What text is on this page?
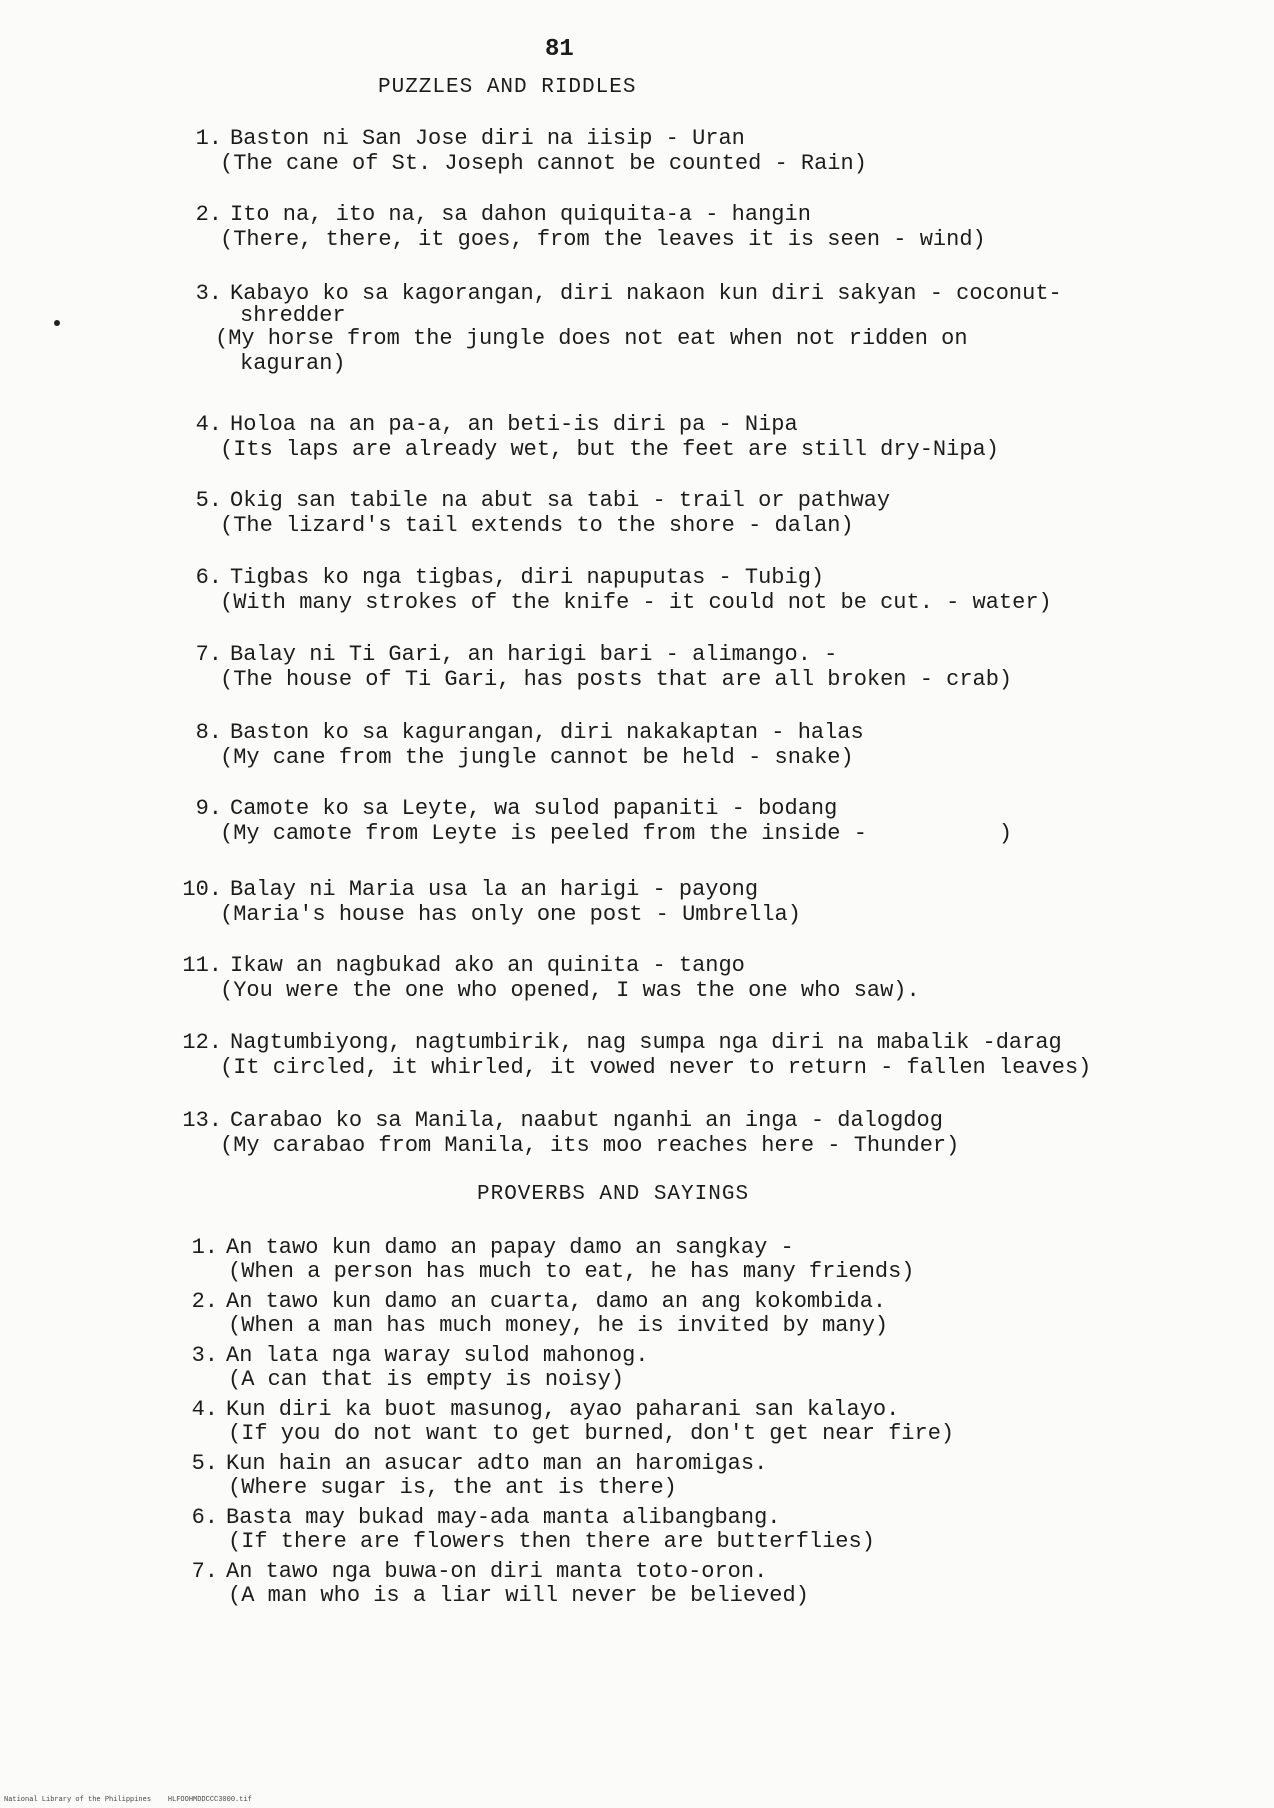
81
PUZZLES AND RIDDLES
1. Baston ni San Jose diri na iisip - Uran
(The cane of St. Joseph cannot be counted - Rain)
2. Ito na, ito na, sa dahon quiquita-a - hangin
(There, there, it goes, from the leaves it is seen - wind)
3. Kabayo ko sa kagorangan, diri nakaon kun diri sakyan - coconut-
shredder
(My horse from the jungle does not eat when not ridden on
kaguran)
4. Holoa na an pa-a, an beti-is diri pa - Nipa
(Its laps are already wet, but the feet are still dry-Nipa)
5. Okig san tabile na abut sa tabi - trail or pathway
(The lizard's tail extends to the shore - dalan)
6. Tigbas ko nga tigbas, diri napuputas - Tubig)
(With many strokes of the knife - it could not be cut. - water)
7. Balay ni Ti Gari, an harigi bari - alimango. -
(The house of Ti Gari, has posts that are all broken - crab)
8. Baston ko sa kagurangan, diri nakakaptan - halas
(My cane from the jungle cannot be held - snake)
9. Camote ko sa Leyte, wa sulod papaniti - bodang
(My camote from Leyte is peeled from the inside -          )
10. Balay ni Maria usa la an harigi - payong
(Maria's house has only one post - Umbrella)
11. Ikaw an nagbukad ako an quinita - tango
(You were the one who opened, I was the one who saw).
12. Nagtumbiyong, nagtumbirik, nag sumpa nga diri na mabalik -darag
(It circled, it whirled, it vowed never to return - fallen leaves)
13. Carabao ko sa Manila, naabut nganhi an inga - dalogdog
(My carabao from Manila, its moo reaches here - Thunder)
PROVERBS AND SAYINGS
1. An tawo kun damo an papay damo an sangkay -
(When a person has much to eat, he has many friends)
2. An tawo kun damo an cuarta, damo an ang kokombida.
(When a man has much money, he is invited by many)
3. An lata nga waray sulod mahonog.
(A can that is empty is noisy)
4. Kun diri ka buot masunog, ayao paharani san kalayo.
(If you do not want to get burned, don't get near fire)
5. Kun hain an asucar adto man an haromigas.
(Where sugar is, the ant is there)
6. Basta may bukad may-ada manta alibangbang.
(If there are flowers then there are butterflies)
7. An tawo nga buwa-on diri manta toto-oron.
(A man who is a liar will never be believed)
National Library of the Philippines    HLFOOHMDDCCC3000.tif
